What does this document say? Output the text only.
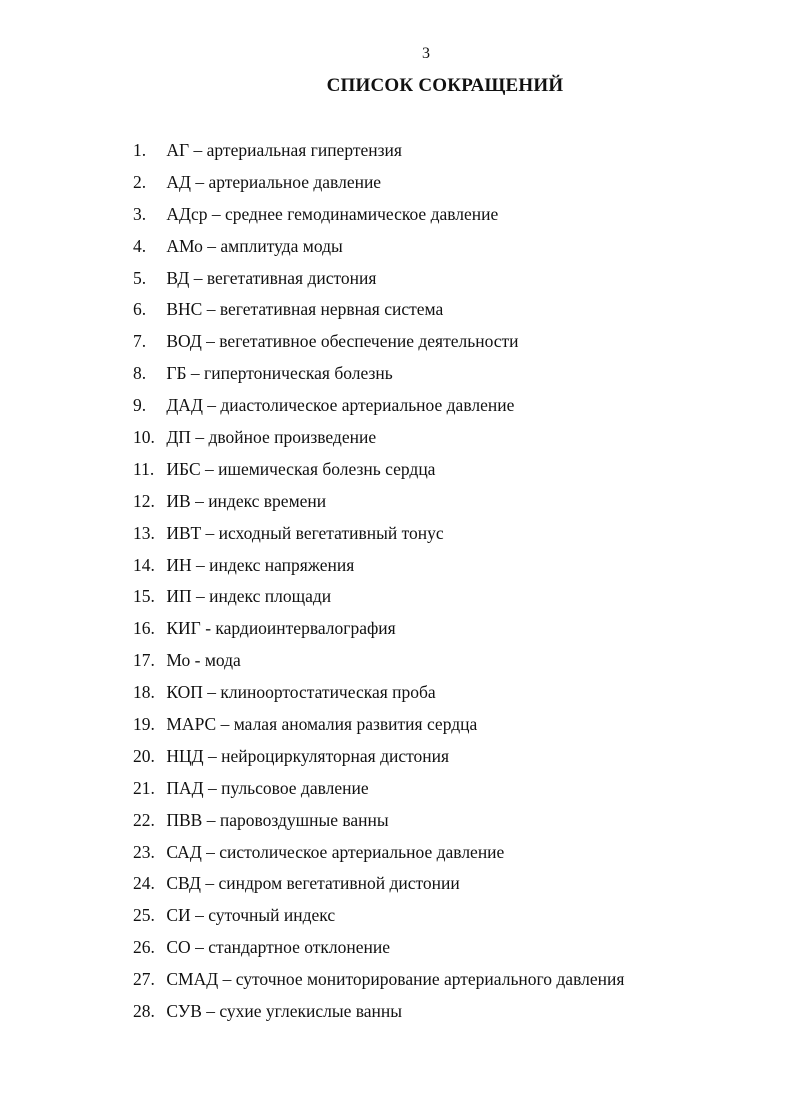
3
СПИСОК СОКРАЩЕНИЙ
1. АГ – артериальная гипертензия
2. АД – артериальное давление
3. АДср – среднее гемодинамическое давление
4. АМо – амплитуда моды
5. ВД – вегетативная дистония
6. ВНС – вегетативная нервная система
7. ВОД – вегетативное обеспечение деятельности
8. ГБ – гипертоническая болезнь
9. ДАД – диастолическое артериальное давление
10. ДП – двойное произведение
11. ИБС – ишемическая болезнь сердца
12. ИВ – индекс времени
13. ИВТ – исходный вегетативный тонус
14. ИН – индекс напряжения
15. ИП – индекс площади
16. КИГ - кардиоинтервалография
17. Мо - мода
18. КОП – клиноортостатическая проба
19. МАРС – малая аномалия развития сердца
20. НЦД – нейроциркуляторная дистония
21. ПАД – пульсовое давление
22. ПВВ – паровоздушные ванны
23. САД – систолическое артериальное давление
24. СВД – синдром вегетативной дистонии
25. СИ – суточный индекс
26. СО – стандартное отклонение
27. СМАД – суточное мониторирование артериального давления
28. СУВ – сухие углекислые ванны
